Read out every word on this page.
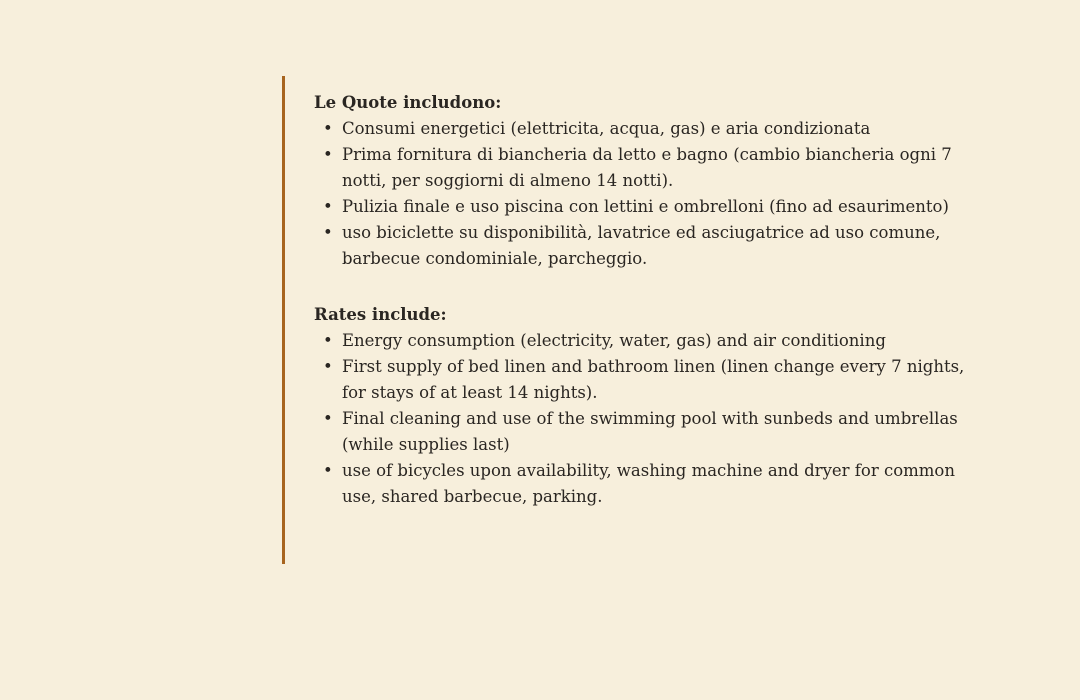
Le Quote includono:

• Consumi energetici (elettricita, acqua, gas) e aria condizionata
• Prima fornitura di biancheria da letto e bagno (cambio biancheria ogni 7 notti, per soggiorni di almeno 14 notti).
• Pulizia finale e uso piscina con lettini e ombrelloni (fino ad esaurimento)
• uso biciclette su disponibilità, lavatrice ed asciugatrice ad uso comune, barbecue condominiale, parcheggio.

Rates include:

• Energy consumption (electricity, water, gas) and air conditioning
• First supply of bed linen and bathroom linen (linen change every 7 nights, for stays of at least 14 nights).
• Final cleaning and use of the swimming pool with sunbeds and umbrellas (while supplies last)
• use of bicycles upon availability, washing machine and dryer for common use, shared barbecue, parking.
